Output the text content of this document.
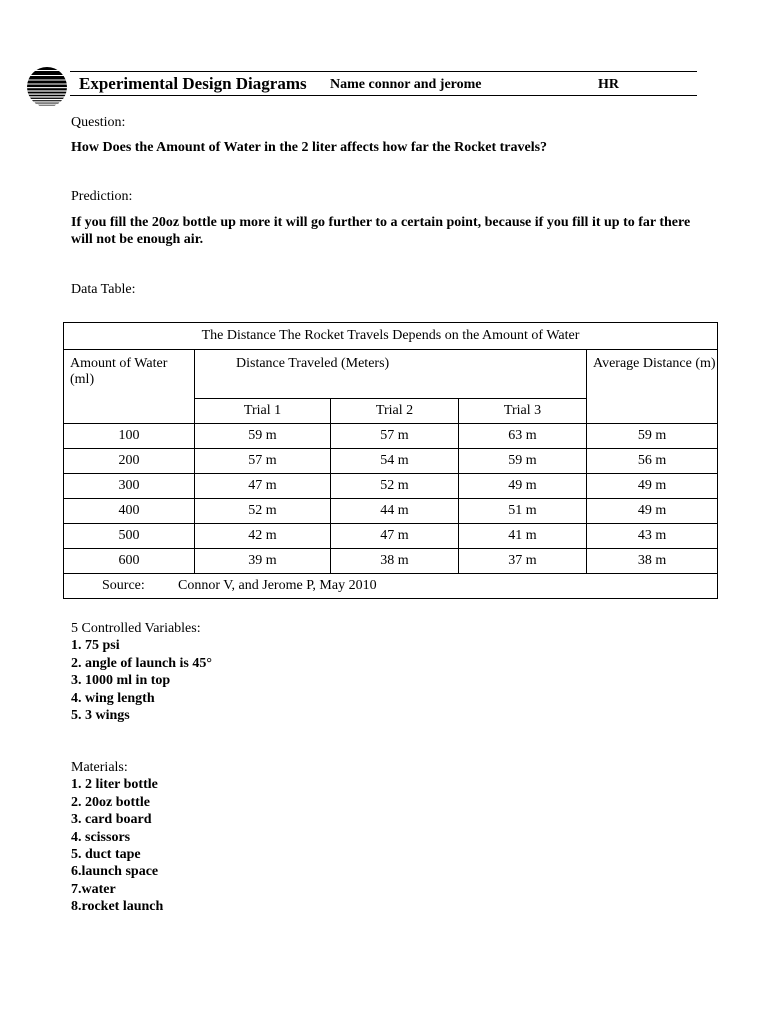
Experimental Design Diagrams Name connor and jerome	HR
Question:
How Does the Amount of Water in the 2 liter affects how far the Rocket travels?
Prediction:
If you fill the 20oz bottle up more it will go further to a certain point, because if you fill it up to far there will not be enough air.
Data Table:
The Distance The Rocket Travels Depends on the Amount of Water				
Amount of Water (ml)	Distance Traveled (Meters)			Average Distance (m)
	Trial 1	Trial 2	Trial 3	
100	59 m	57 m	63 m	59 m
200	57 m	54 m	59 m	56 m
300	47 m	52 m	49 m	49 m
400	52 m	44 m	51 m	49 m
500	42 m	47 m	41 m	43 m
600	39 m	38 m	37 m	38 m
Source: Connor V, and Jerome P, May 2010				
5 Controlled Variables:
1. 75 psi
2. angle of launch is 45°
3. 1000 ml in top
4. wing length
5. 3 wings
Materials:
1. 2 liter bottle
2. 20oz bottle
3. card board
4. scissors
5. duct tape
6.launch space
7.water
8.rocket launch
